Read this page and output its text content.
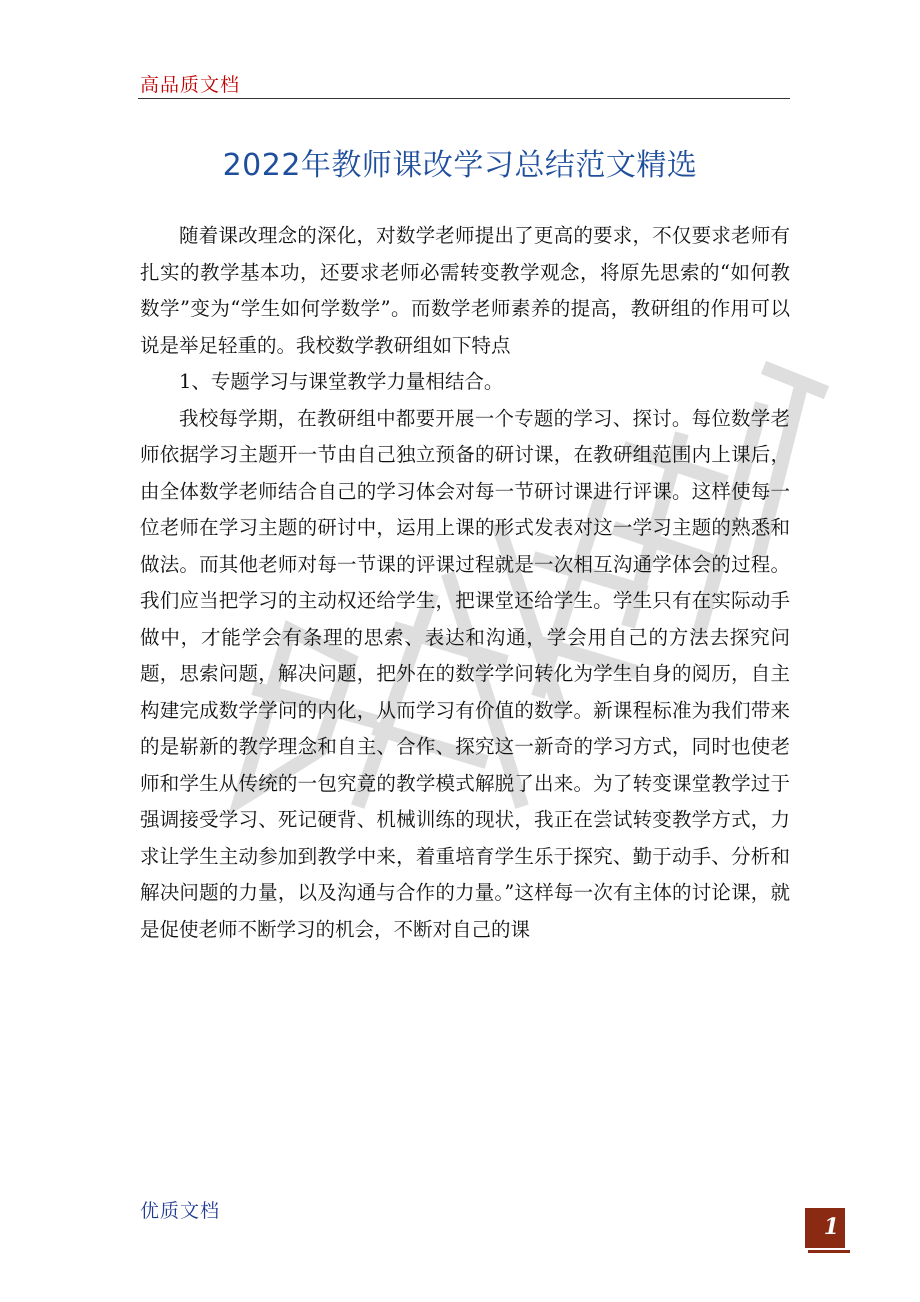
高品质文档
2022年教师课改学习总结范文精选

随着课改理念的深化，对数学老师提出了更高的要求，不仅要求老师有扎实的教学基本功，还要求老师必需转变教学观念，将原先思索的“如何教数学”变为“学生如何学数学”。而数学老师素养的提高，教研组的作用可以说是举足轻重的。我校数学教研组如下特点

1、专题学习与课堂教学力量相结合。

我校每学期，在教研组中都要开展一个专题的学习、探讨。每位数学老师依据学习主题开一节由自己独立预备的研讨课，在教研组范围内上课后，由全体数学老师结合自己的学习体会对每一节研讨课进行评课。这样使每一位老师在学习主题的研讨中，运用上课的形式发表对这一学习主题的熟悉和做法。而其他老师对每一节课的评课过程就是一次相互沟通学体会的过程。我们应当把学习的主动权还给学生，把课堂还给学生。学生只有在实际动手做中，才能学会有条理的思索、表达和沟通，学会用自己的方法去探究问题，思索问题，解决问题，把外在的数学学问转化为学生自身的阅历，自主构建完成数学学问的内化，从而学习有价值的数学。新课程标准为我们带来的是崭新的教学理念和自主、合作、探究这一新奇的学习方式，同时也使老师和学生从传统的一包究竟的教学模式解脱了出来。为了转变课堂教学过于强调接受学习、死记硬背、机械训练的现状，我正在尝试转变教学方式，力求让学生主动参加到教学中来，着重培育学生乐于探究、勤于动手、分析和解决问题的力量，以及沟通与合作的力量。”这样每一次有主体的讨论课，就是促使老师不断学习的机会，不断对自己的课

优质文档
1
